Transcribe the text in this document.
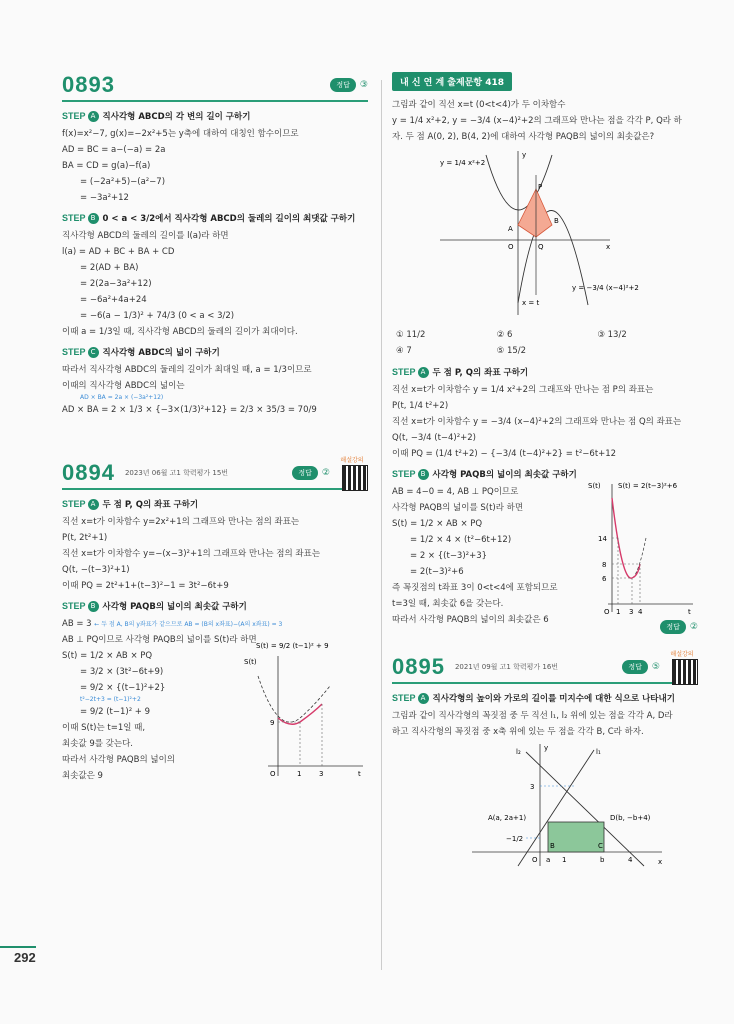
0893	정답	③
STEP A 직사각형 ABCD의 각 변의 길이 구하기
f(x)=x²−7, g(x)=−2x²+5는 y축에 대하여 대칭인 함수이므로
AD = BC = a−(−a) = 2a
BA = CD = g(a)−f(a)
= (−2a²+5)−(a²−7)
= −3a²+12
STEP B 0 < a < 3/2에서 직사각형 ABCD의 둘레의 길이의 최댓값 구하기
직사각형 ABCD의 둘레의 길이를 l(a)라 하면
l(a) = AD + BC + BA + CD
= 2(AD + BA)
= 2(2a−3a²+12)
= −6a²+4a+24
= −6(a − 1/3)² + 74/3 (0 < a < 3/2)
이때 a = 1/3일 때, 직사각형 ABCD의 둘레의 길이가 최대이다.
STEP C 직사각형 ABDC의 넓이 구하기
따라서 직사각형 ABDC의 둘레의 길이가 최대일 때, a = 1/3이므로
이때의 직사각형 ABDC의 넓이는
AD × BA = 2a × (−3a²+12)
AD × BA = 2 × 1/3 × {−3×(1/3)²+12} = 2/3 × 35/3 = 70/9
0894 2023년 06월 고1 학력평가 15번	정답	②
해설강의
STEP A 두 점 P, Q의 좌표 구하기
직선 x=t가 이차함수 y=2x²+1의 그래프와 만나는 점의 좌표는
P(t, 2t²+1)
직선 x=t가 이차함수 y=−(x−3)²+1의 그래프와 만나는 점의 좌표는
Q(t, −(t−3)²+1)
이때 PQ = 2t²+1+(t−3)²−1 = 3t²−6t+9
STEP B 사각형 PAQB의 넓이의 최솟값 구하기
AB = 3 ← 두 점 A, B의 y좌표가 같으므로 AB = (B의 x좌표)−(A의 x좌표) = 3
AB ⊥ PQ이므로 사각형 PAQB의 넓이를 S(t)라 하면
S(t) = 1/2 × AB × PQ
= 3/2 × (3t²−6t+9)
= 9/2 × {(t−1)²+2}
t²−2t+3 = (t−1)²+2
= 9/2 (t−1)² + 9
이때 S(t)는 t=1일 때,
최솟값 9를 갖는다.
따라서 사각형 PAQB의 넓이의
최솟값은 9
S(t) = 9/2 (t−1)² + 9
S(t)
t
O
9
1	3
내 신 연 계 출제문항 418
그림과 같이 직선 x=t (0<t<4)가 두 이차함수
y = 1/4 x²+2, y = −3/4 (x−4)²+2의 그래프와 만나는 점을 각각 P, Q라 하
자. 두 점 A(0, 2), B(4, 2)에 대하여 사각형 PAQB의 넓이의 최솟값은?
x
y
y = 1/4 x²+2
y = −3/4 (x−4)²+2
x = t
P
A
B
O	Q
① 11/2	② 6	③ 13/2
④ 7	⑤ 15/2
STEP A 두 점 P, Q의 좌표 구하기
직선 x=t가 이차함수 y = 1/4 x²+2의 그래프와 만나는 점 P의 좌표는
P(t, 1/4 t²+2)
직선 x=t가 이차함수 y = −3/4 (x−4)²+2의 그래프와 만나는 점 Q의 좌표는
Q(t, −3/4 (t−4)²+2)
이때 PQ = (1/4 t²+2) − {−3/4 (t−4)²+2} = t²−6t+12
STEP B 사각형 PAQB의 넓이의 최솟값 구하기
AB = 4−0 = 4, AB ⊥ PQ이므로
사각형 PAQB의 넓이를 S(t)라 하면
S(t) = 1/2 × AB × PQ
= 1/2 × 4 × (t²−6t+12)
= 2 × {(t−3)²+3}
= 2(t−3)²+6
즉 꼭짓점의 t좌표 3이 0<t<4에 포함되므로
t=3일 때, 최솟값 6을 갖는다.
따라서 사각형 PAQB의 넓이의 최솟값은 6
정답	②
S(t) = 2(t−3)²+6
S(t)
t
O
14
8
6
1 3 4
0895 2021년 09월 고1 학력평가 16번	정답	⑤
해설강의
STEP A 직사각형의 높이와 가로의 길이를 미지수에 대한 식으로 나타내기
그림과 같이 직사각형의 꼭짓점 중 두 직선 l₁, l₂ 위에 있는 점을 각각 A, D라
하고 직사각형의 꼭짓점 중 x축 위에 있는 두 점을 각각 B, C라 하자.
x
y	l₁
l₂
3
−1/2
A(a, 2a+1)	D(b, −b+4)
B	C
O a 1	b	4
292
